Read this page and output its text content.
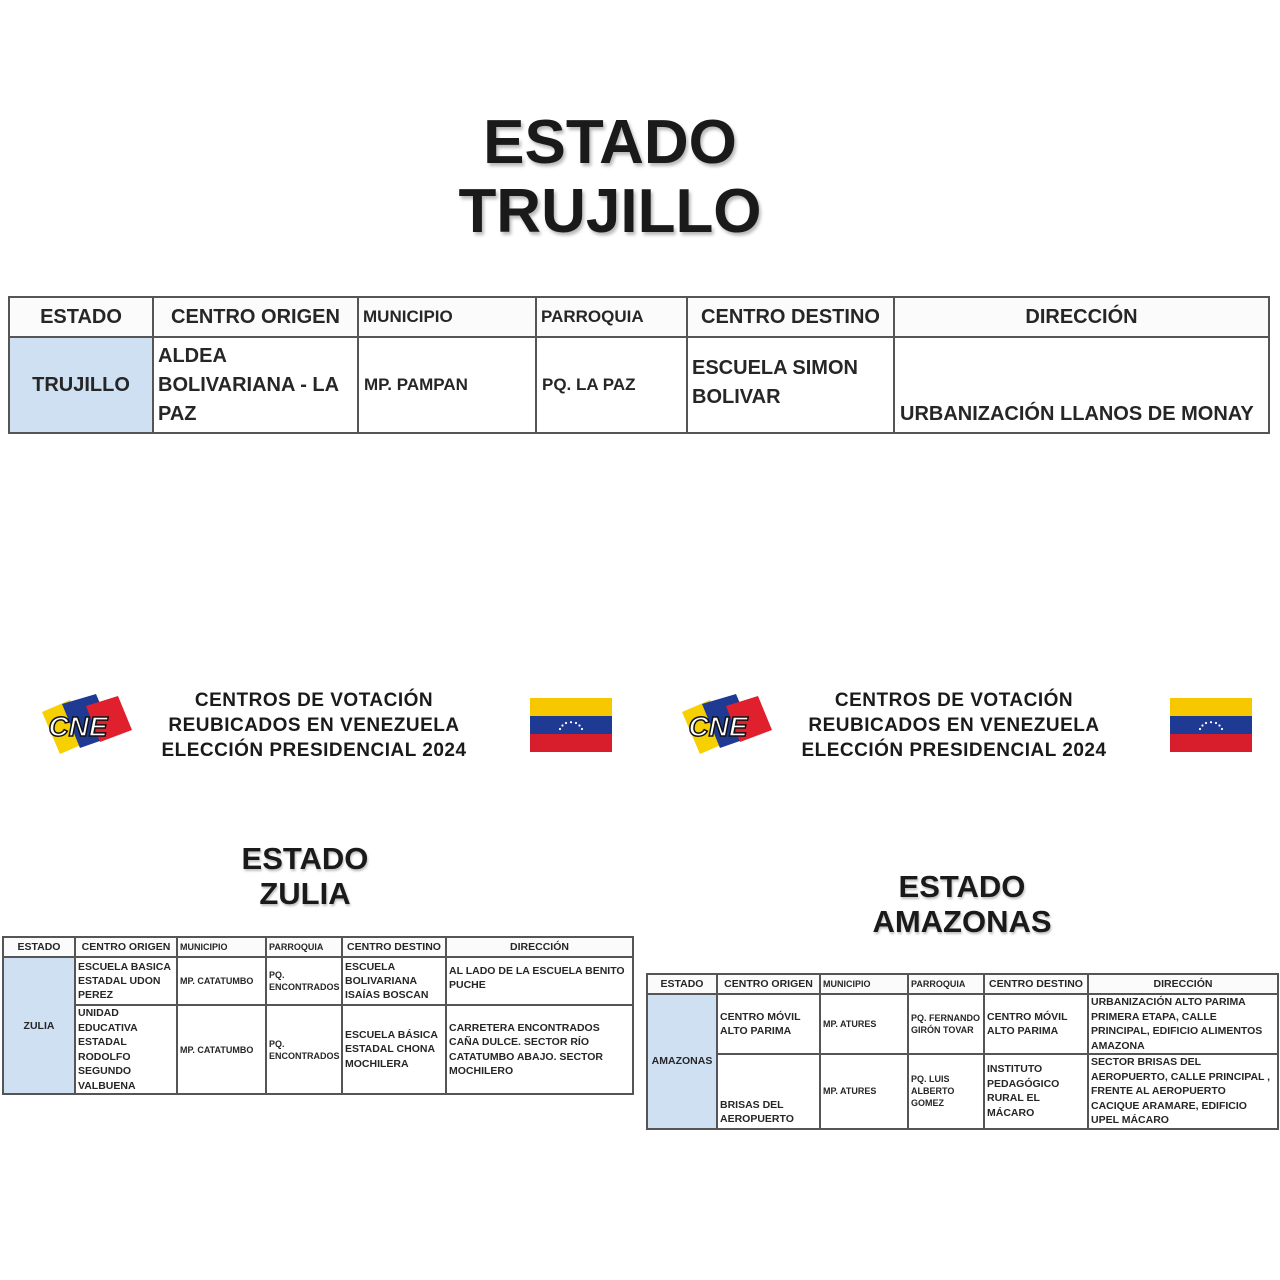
ESTADO
TRUJILLO
ESTADO	CENTRO ORIGEN	MUNICIPIO	PARROQUIA	CENTRO DESTINO	DIRECCIÓN
TRUJILLO	ALDEA BOLIVARIANA - LA PAZ	MP. PAMPAN	PQ. LA PAZ	ESCUELA SIMON BOLIVAR	URBANIZACIÓN LLANOS DE MONAY
CNE
CENTROS DE VOTACIÓN
REUBICADOS EN VENEZUELA
ELECCIÓN PRESIDENCIAL 2024
CNE
CENTROS DE VOTACIÓN
REUBICADOS EN VENEZUELA
ELECCIÓN PRESIDENCIAL 2024
ESTADO
ZULIA
ESTADO	CENTRO ORIGEN	MUNICIPIO	PARROQUIA	CENTRO DESTINO	DIRECCIÓN
ZULIA	ESCUELA BASICA ESTADAL UDON PEREZ	MP. CATATUMBO	PQ. ENCONTRADOS	ESCUELA BOLIVARIANA ISAÍAS BOSCAN	AL LADO DE LA ESCUELA BENITO PUCHE
	UNIDAD EDUCATIVA ESTADAL RODOLFO SEGUNDO VALBUENA	MP. CATATUMBO	PQ. ENCONTRADOS	ESCUELA BÁSICA ESTADAL CHONA MOCHILERA	CARRETERA ENCONTRADOS CAÑA DULCE. SECTOR RÍO CATATUMBO ABAJO. SECTOR MOCHILERO
ESTADO
AMAZONAS
ESTADO	CENTRO ORIGEN	MUNICIPIO	PARROQUIA	CENTRO DESTINO	DIRECCIÓN
AMAZONAS	CENTRO MÓVIL ALTO PARIMA	MP. ATURES	PQ. FERNANDO GIRÓN TOVAR	CENTRO MÓVIL ALTO PARIMA	URBANIZACIÓN ALTO PARIMA PRIMERA ETAPA, CALLE PRINCIPAL, EDIFICIO ALIMENTOS AMAZONA
	BRISAS DEL AEROPUERTO	MP. ATURES	PQ. LUIS ALBERTO GOMEZ	INSTITUTO PEDAGÓGICO RURAL EL MÁCARO	SECTOR BRISAS DEL AEROPUERTO, CALLE PRINCIPAL , FRENTE AL AEROPUERTO CACIQUE ARAMARE, EDIFICIO UPEL MÁCARO
